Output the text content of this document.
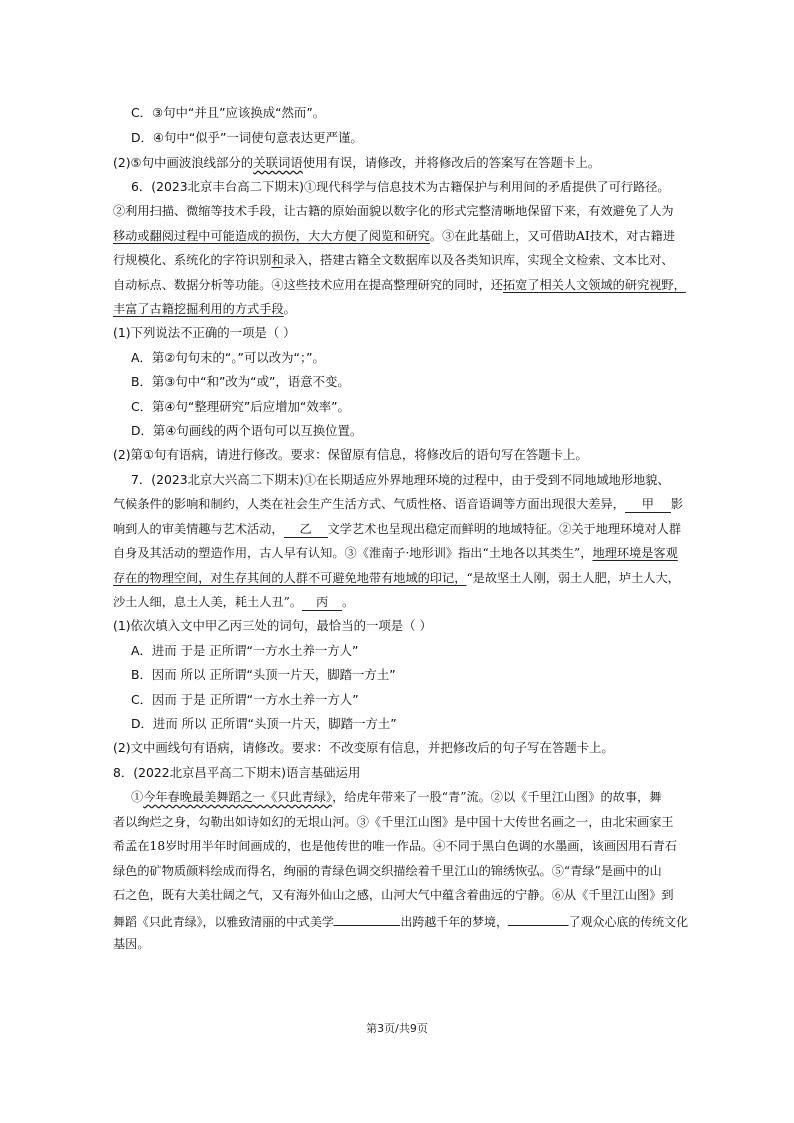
C．③句中“并且”应该换成“然而”。
D．④句中“似乎”一词使句意表达更严谨。
(2)⑤句中画波浪线部分的关联词语使用有误，请修改，并将修改后的答案写在答题卡上。
6．(2023北京丰台高二下期末)①现代科学与信息技术为古籍保护与利用间的矛盾提供了可行路径。
②利用扫描、微缩等技术手段，让古籍的原始面貌以数字化的形式完整清晰地保留下来，有效避免了人为
移动或翻阅过程中可能造成的损伤，大大方便了阅览和研究。③在此基础上，又可借助AI技术，对古籍进
行规模化、系统化的字符识别和录入，搭建古籍全文数据库以及各类知识库，实现全文检索、文本比对、
自动标点、数据分析等功能。④这些技术应用在提高整理研究的同时，还拓宽了相关人文领域的研究视野，
丰富了古籍挖掘利用的方式手段。
(1)下列说法不正确的一项是（ ）
A．第②句句末的“。”可以改为“；”。
B．第③句中“和”改为“或”，语意不变。
C．第④句“整理研究”后应增加“效率”。
D．第④句画线的两个语句可以互换位置。
(2)第①句有语病，请进行修改。要求：保留原有信息，将修改后的语句写在答题卡上。
7．(2023北京大兴高二下期末)①在长期适应外界地理环境的过程中，由于受到不同地域地形地貌、
气候条件的影响和制约，人类在社会生产生活方式、气质性格、语音语调等方面出现很大差异， 甲 影
响到人的审美情趣与艺术活动， 乙 文学艺术也呈现出稳定而鲜明的地域特征。②关于地理环境对人群
自身及其活动的塑造作用，古人早有认知。③《淮南子·地形训》指出“土地各以其类生”，地理环境是客观
存在的物理空间，对生存其间的人群不可避免地带有地域的印记，“是故坚土人刚，弱土人肥，垆土人大，
沙土人细，息土人美，耗土人丑”。 丙 。
(1)依次填入文中甲乙丙三处的词句，最恰当的一项是（ ）
A．进而 于是 正所谓“一方水土养一方人”
B．因而 所以 正所谓“头顶一片天，脚踏一方土”
C．因而 于是 正所谓“一方水土养一方人”
D．进而 所以 正所谓“头顶一片天，脚踏一方土”
(2)文中画线句有语病，请修改。要求：不改变原有信息，并把修改后的句子写在答题卡上。
8．(2022北京昌平高二下期末)语言基础运用
①今年春晚最美舞蹈之一《只此青绿》，给虎年带来了一股“青”流。②以《千里江山图》的故事，舞
者以绚烂之身，勾勒出如诗如幻的无垠山河。③《千里江山图》是中国十大传世名画之一，由北宋画家王
希孟在18岁时用半年时间画成的，也是他传世的唯一作品。④不同于黑白色调的水墨画，该画因用石青石
绿色的矿物质颜料绘成而得名，绚丽的青绿色调交织描绘着千里江山的锦绣恢弘。⑤“青绿”是画中的山
石之色，既有大美壮阔之气，又有海外仙山之感，山河大气中蕴含着曲远的宁静。⑥从《千里江山图》到
舞蹈《只此青绿》，以雅致清丽的中式美学	出跨越千年的梦境，	了观众心底的传统文化
基因。
第3页/共9页
